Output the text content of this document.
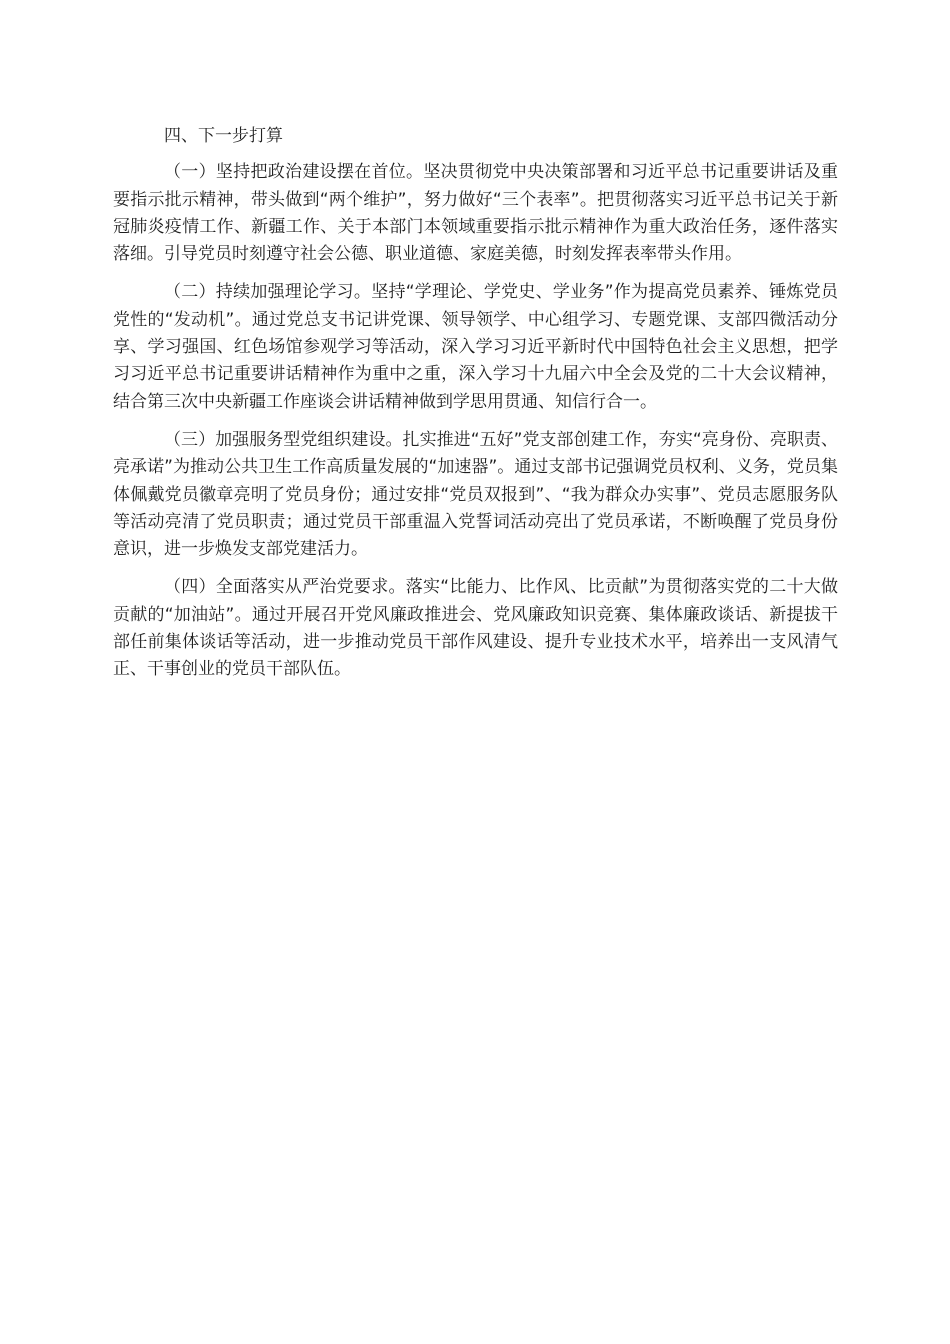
四、下一步打算

（一）坚持把政治建设摆在首位。坚决贯彻党中央决策部署和习近平总书记重要讲话及重要指示批示精神，带头做到“两个维护”，努力做好“三个表率”。把贯彻落实习近平总书记关于新冠肺炎疫情工作、新疆工作、关于本部门本领域重要指示批示精神作为重大政治任务，逐件落实落细。引导党员时刻遵守社会公德、职业道德、家庭美德，时刻发挥表率带头作用。

（二）持续加强理论学习。坚持“学理论、学党史、学业务”作为提高党员素养、锤炼党员党性的“发动机”。通过党总支书记讲党课、领导领学、中心组学习、专题党课、支部四微活动分享、学习强国、红色场馆参观学习等活动，深入学习习近平新时代中国特色社会主义思想，把学习习近平总书记重要讲话精神作为重中之重，深入学习十九届六中全会及党的二十大会议精神，结合第三次中央新疆工作座谈会讲话精神做到学思用贯通、知信行合一。

（三）加强服务型党组织建设。扎实推进“五好”党支部创建工作，夯实“亮身份、亮职责、亮承诺”为推动公共卫生工作高质量发展的“加速器”。通过支部书记强调党员权利、义务，党员集体佩戴党员徽章亮明了党员身份；通过安排“党员双报到”、“我为群众办实事”、党员志愿服务队等活动亮清了党员职责；通过党员干部重温入党誓词活动亮出了党员承诺，不断唤醒了党员身份意识，进一步焕发支部党建活力。

（四）全面落实从严治党要求。落实“比能力、比作风、比贡献”为贯彻落实党的二十大做贡献的“加油站”。通过开展召开党风廉政推进会、党风廉政知识竞赛、集体廉政谈话、新提拔干部任前集体谈话等活动，进一步推动党员干部作风建设、提升专业技术水平，培养出一支风清气正、干事创业的党员干部队伍。
